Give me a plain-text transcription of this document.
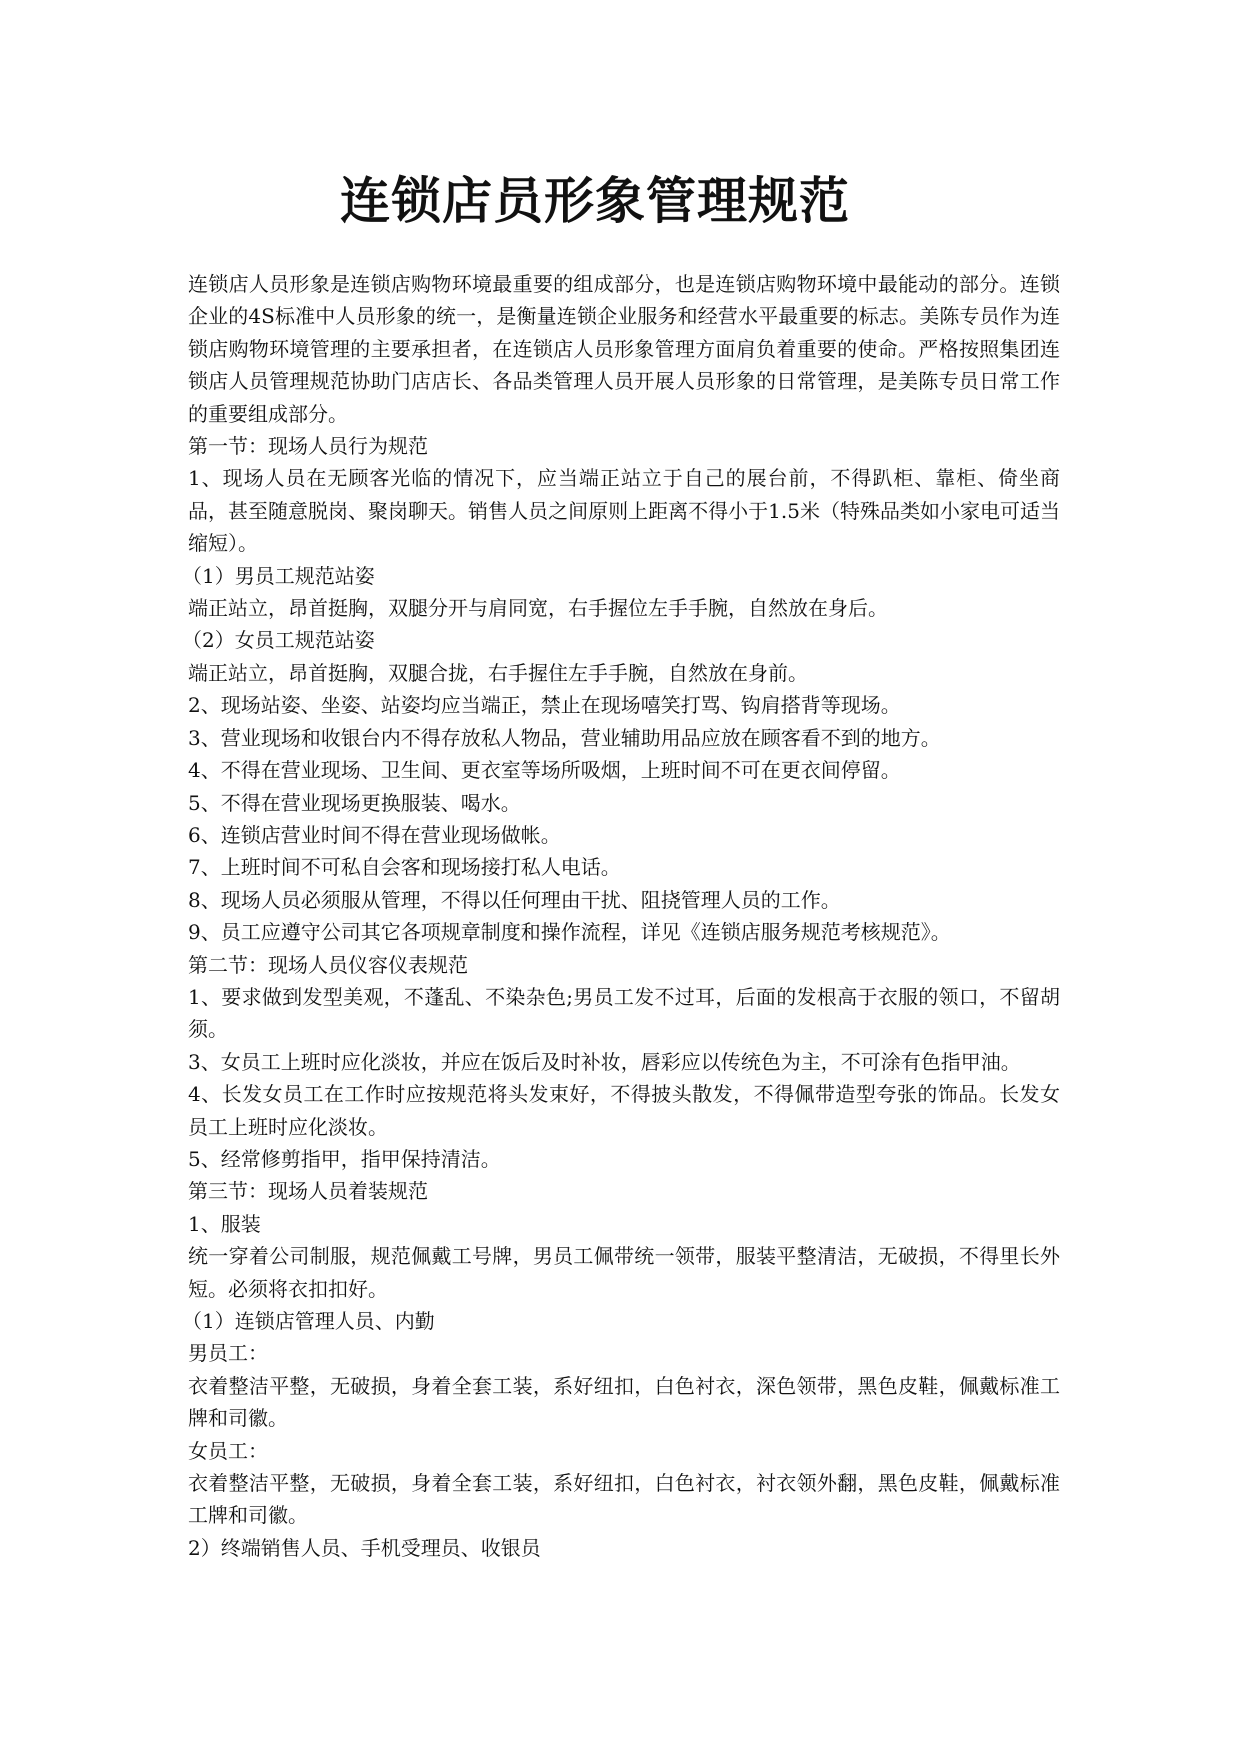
连锁店员形象管理规范

连锁店人员形象是连锁店购物环境最重要的组成部分，也是连锁店购物环境中最能动的部分。连锁企业的4S标准中人员形象的统一，是衡量连锁企业服务和经营水平最重要的标志。美陈专员作为连锁店购物环境管理的主要承担者，在连锁店人员形象管理方面肩负着重要的使命。严格按照集团连锁店人员管理规范协助门店店长、各品类管理人员开展人员形象的日常管理，是美陈专员日常工作的重要组成部分。

第一节：现场人员行为规范

1、现场人员在无顾客光临的情况下，应当端正站立于自己的展台前，不得趴柜、靠柜、倚坐商品，甚至随意脱岗、聚岗聊天。销售人员之间原则上距离不得小于1.5米（特殊品类如小家电可适当缩短）。

（1）男员工规范站姿

端正站立，昂首挺胸，双腿分开与肩同宽，右手握位左手手腕，自然放在身后。

（2）女员工规范站姿

端正站立，昂首挺胸，双腿合拢，右手握住左手手腕，自然放在身前。

2、现场站姿、坐姿、站姿均应当端正，禁止在现场嘻笑打骂、钩肩搭背等现场。

3、营业现场和收银台内不得存放私人物品，营业辅助用品应放在顾客看不到的地方。

4、不得在营业现场、卫生间、更衣室等场所吸烟，上班时间不可在更衣间停留。

5、不得在营业现场更换服装、喝水。

6、连锁店营业时间不得在营业现场做帐。

7、上班时间不可私自会客和现场接打私人电话。

8、现场人员必须服从管理，不得以任何理由干扰、阻挠管理人员的工作。

9、员工应遵守公司其它各项规章制度和操作流程，详见《连锁店服务规范考核规范》。

第二节：现场人员仪容仪表规范

1、要求做到发型美观，不蓬乱、不染杂色;男员工发不过耳，后面的发根高于衣服的领口，不留胡须。

3、女员工上班时应化淡妆，并应在饭后及时补妆，唇彩应以传统色为主，不可涂有色指甲油。

4、长发女员工在工作时应按规范将头发束好，不得披头散发，不得佩带造型夸张的饰品。长发女员工上班时应化淡妆。

5、经常修剪指甲，指甲保持清洁。

第三节：现场人员着装规范

1、服装

统一穿着公司制服，规范佩戴工号牌，男员工佩带统一领带，服装平整清洁，无破损，不得里长外短。必须将衣扣扣好。

（1）连锁店管理人员、内勤

男员工：

衣着整洁平整，无破损，身着全套工装，系好纽扣，白色衬衣，深色领带，黑色皮鞋，佩戴标准工牌和司徽。

女员工：

衣着整洁平整，无破损，身着全套工装，系好纽扣，白色衬衣，衬衣领外翻，黑色皮鞋，佩戴标准工牌和司徽。

2）终端销售人员、手机受理员、收银员
